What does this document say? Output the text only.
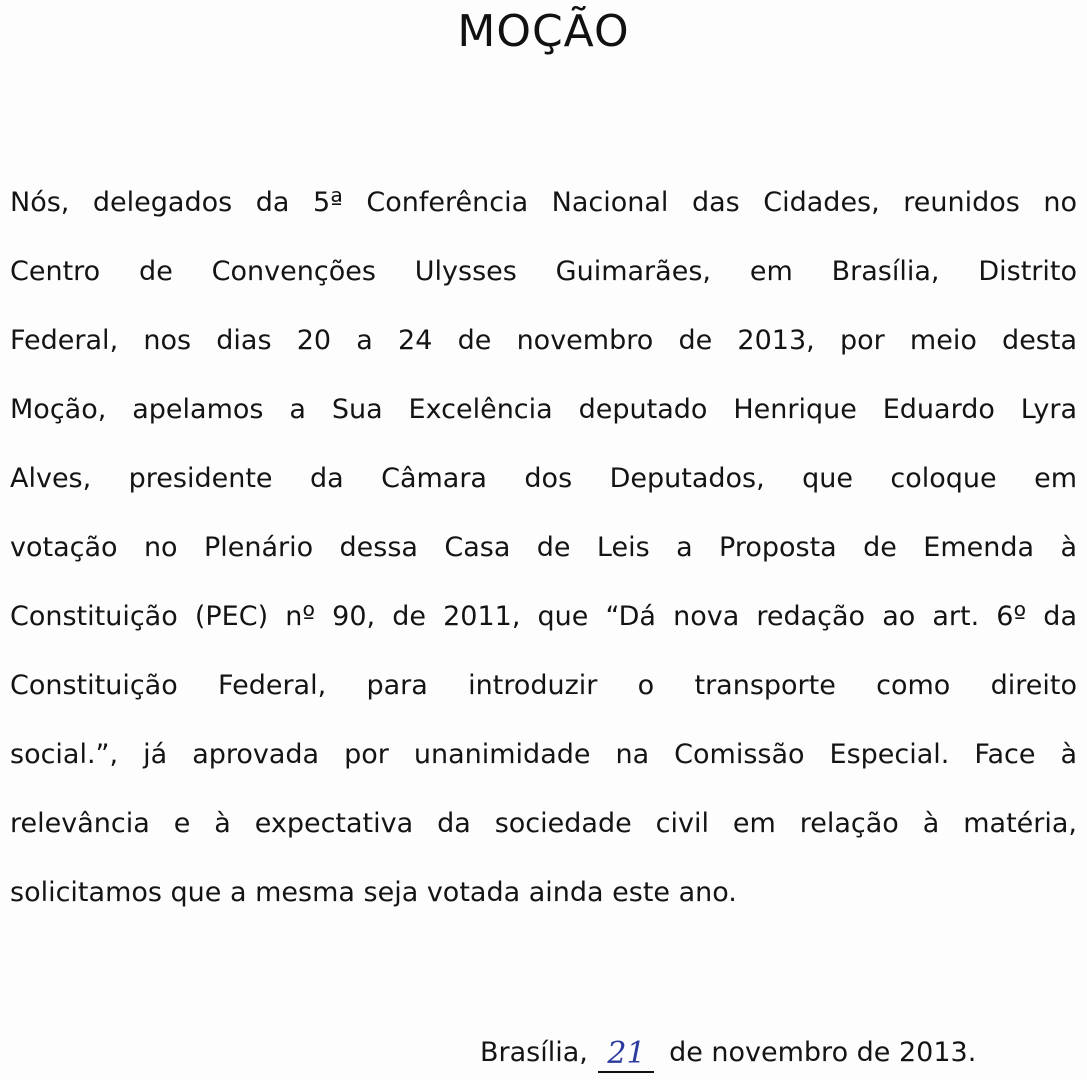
MOÇÃO
Nós, delegados da 5ª Conferência Nacional das Cidades, reunidos no
Centro de Convenções Ulysses Guimarães, em Brasília, Distrito
Federal, nos dias 20 a 24 de novembro de 2013, por meio desta
Moção, apelamos a Sua Excelência deputado Henrique Eduardo Lyra
Alves, presidente da Câmara dos Deputados, que coloque em
votação no Plenário dessa Casa de Leis a Proposta de Emenda à
Constituição (PEC) nº 90, de 2011, que “Dá nova redação ao art. 6º da
Constituição Federal, para introduzir o transporte como direito
social.”, já aprovada por unanimidade na Comissão Especial. Face à
relevância e à expectativa da sociedade civil em relação à matéria,
solicitamos que a mesma seja votada ainda este ano.
Brasília, 21 de novembro de 2013.
